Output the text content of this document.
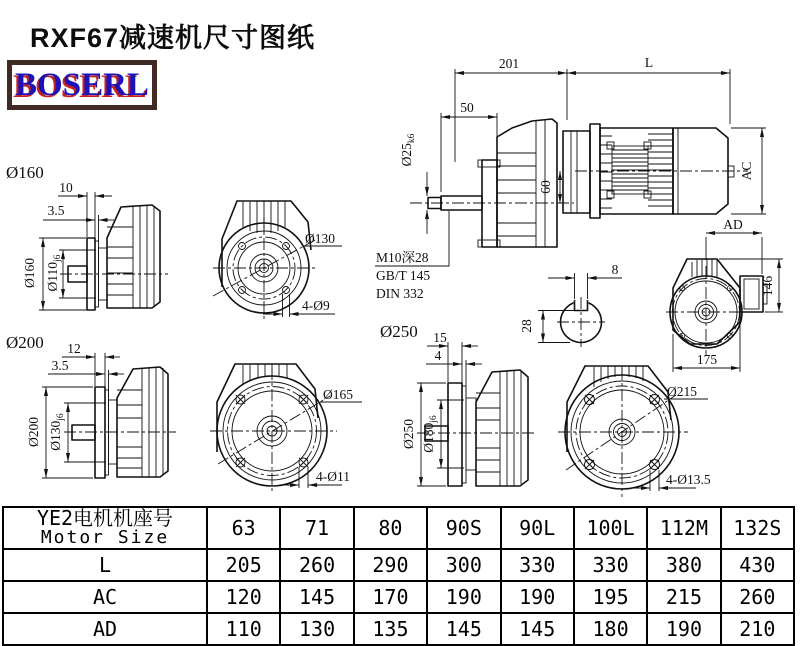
RXF67减速机尺寸图纸
BOSERL
201	L
50
$Ø25_{k6}$
60
AC
M10深28
GB/T 145
DIN 332
8
28
Ø160
10
3.5
Ø160 $Ø110_{j6}$
Ø130
4-Ø9
Ø200 12
3.5
Ø200 $Ø130_{j6}$
Ø165
4-Ø11
Ø250 15
4
Ø250 $Ø180_{j6}$
Ø215
4-Ø13.5
AD
146
175
YE2电机机座号
Motor Size	63	71	80	90S	90L	100L	112M	132S
L	205	260	290	300	330	330	380	430
AC	120	145	170	190	190	195	215	260
AD	110	130	135	145	145	180	190	210
